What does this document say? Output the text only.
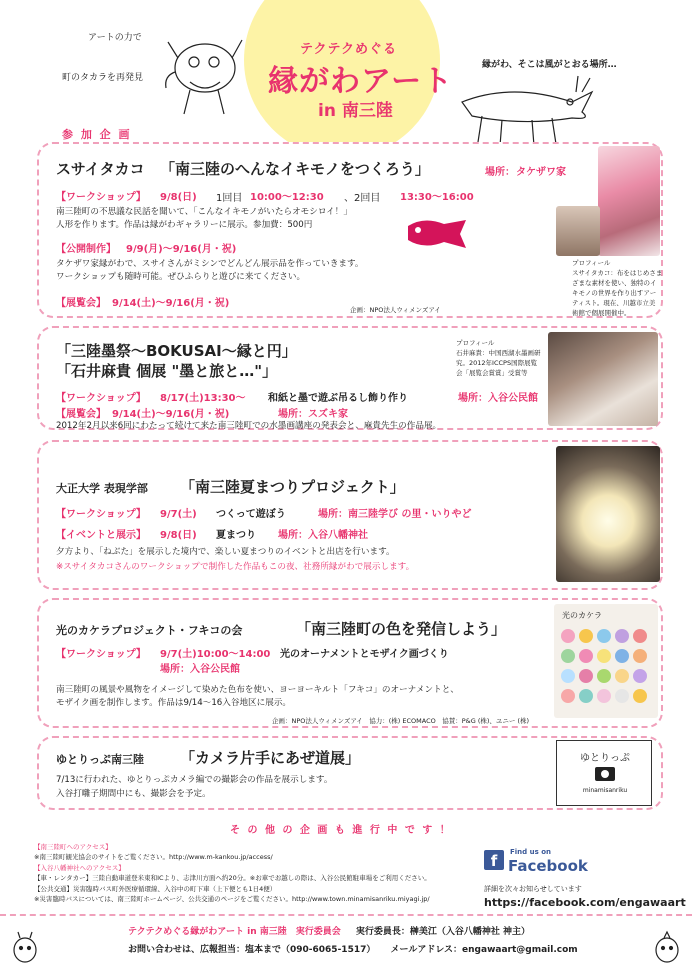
テクテクめぐる
縁がわアート
in 南三陸
アートの力で
町のタカラを再発見
縁がわ、そこは風がとおる場所…
参 加 企 画
スサイタカコ 「南三陸のへんなイキモノをつくろう」	場所： タケザワ家
【ワークショップ】 9/8(日) 1回目 10:00～12:30 、2回目 13:30～16:00
南三陸町の不思議な民話を聞いて、「こんなイキモノがいたらオモシロイ！」
人形を作ります。作品は縁がわギャラリーに展示。参加費：500円
【公開制作】 9/9(月)～9/16(月・祝)
タケザワ家縁がわで、スサイさんがミシンでどんどん展示品を作っていきます。
ワークショップも随時可能。ぜひふらりと遊びに来てください。
【展覧会】 9/14(土)～9/16(月・祝)
企画：NPO法人ウィメンズアイ
プロフィール
スサイタカコ：布をはじめさま
ざまな素材を使い、独特のイ
キモノの世界を作り出すアー
ティスト。現在、川越市立美
術館で個展開催中。
「三陸墨祭～BOKUSAI～縁と円」
「石井麻貴 個展 "墨と旅と…"」
【ワークショップ】 8/17(土)13:30～ 和紙と墨で遊ぶ吊るし飾り作り	場所： 入谷公民館
【展覧会】 9/14(土)～9/16(月・祝)	場所： スズキ家
2012年2月以来6回にわたって続けて来た南三陸町での水墨画講座の発表会と、麻貴先生の作品展。
プロフィール
石井麻貴：中国西湖水墨画研
究。2012年ICCPS国際展覧
会「展覧会賞賞」受賞等
大正大学 表現学部 「南三陸夏まつりプロジェクト」
【ワークショップ】 9/7(土) つくって遊ぼう	場所： 南三陸学び の里・いりやど
【イベントと展示】 9/8(日) 夏まつり 場所： 入谷八幡神社
夕方より、「ねぶた」を展示した境内で、楽しい夏まつりのイベントと出店を行います。
※スサイタカコさんのワークショップで制作した作品もこの夜、社務所縁がわで展示します。
光のカケラプロジェクト・フキコの会	「南三陸町の色を発信しよう」
【ワークショップ】 9/7(土)10:00～14:00 光のオーナメントとモザイク画づくり
場所： 入谷公民館
南三陸町の風景や風物をイメージして染めた色布を使い、ヨーヨーキルト「フキコ」のオーナメントと、
モザイク画を制作します。作品は9/14～16入谷地区に展示。
企画：NPO法人ウィメンズアイ　協力：(株) ECOMACO　協賛：P&G (株)、ユニー (株)
光のカケラ
ゆとりっぷ南三陸 「カメラ片手にあぜ道展」
7/13に行われた、ゆとりっぷカメラ編での撮影会の作品を展示します。
入谷打囃子期間中にも、撮影会を予定。
ゆとりっぷ
minamisanriku
そ の 他 の 企 画 も 進 行 中 で す ！
【南三陸町へのアクセス】
※南三陸町観光協会のサイトをご覧ください。http://www.m-kankou.jp/access/
【入谷八幡神社へのアクセス】
【車・レンタカー】三陸自動車道登米東和ICより、志津川方面へ約20分。※お車でお越しの際は、入谷公民館駐車場をご利用ください。
【公共交通】災害臨時バス町外医療循環線、入谷中の町下車（上下便とも1日4便）
※災害臨時バスについては、南三陸町ホームページ、公共交通のページをご覧ください。http://www.town.minamisanriku.miyagi.jp/
f	Find us on
Facebook
詳細を次々お知らせしています
https://facebook.com/engawaart
テクテクめぐる縁がわアート in 南三陸　実行委員会 実行委員長：榊美江（入谷八幡神社 神主）
お問い合わせは、広報担当：塩本まで（090-6065-1517） メールアドレス：engawaart@gmail.com
